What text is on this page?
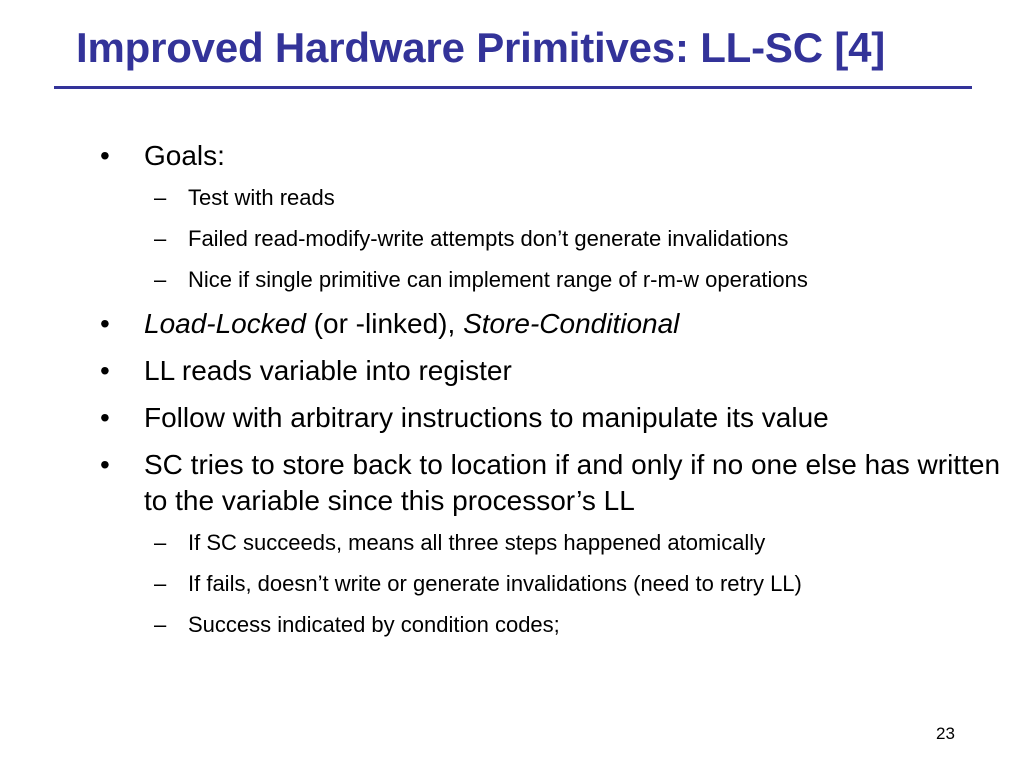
Improved Hardware Primitives: LL-SC [4]
•	Goals:
– Test with reads
– Failed read-modify-write attempts don’t generate invalidations
– Nice if single primitive can implement range of r-m-w operations
•	Load-Locked (or -linked), Store-Conditional
•	LL reads variable into register
•	Follow with arbitrary instructions to manipulate its value
•	SC tries to store back to location if and only if no one else has written to the variable since this processor’s LL
– If SC succeeds, means all three steps happened atomically
– If fails, doesn’t write or generate invalidations (need to retry LL)
– Success indicated by condition codes;
23
